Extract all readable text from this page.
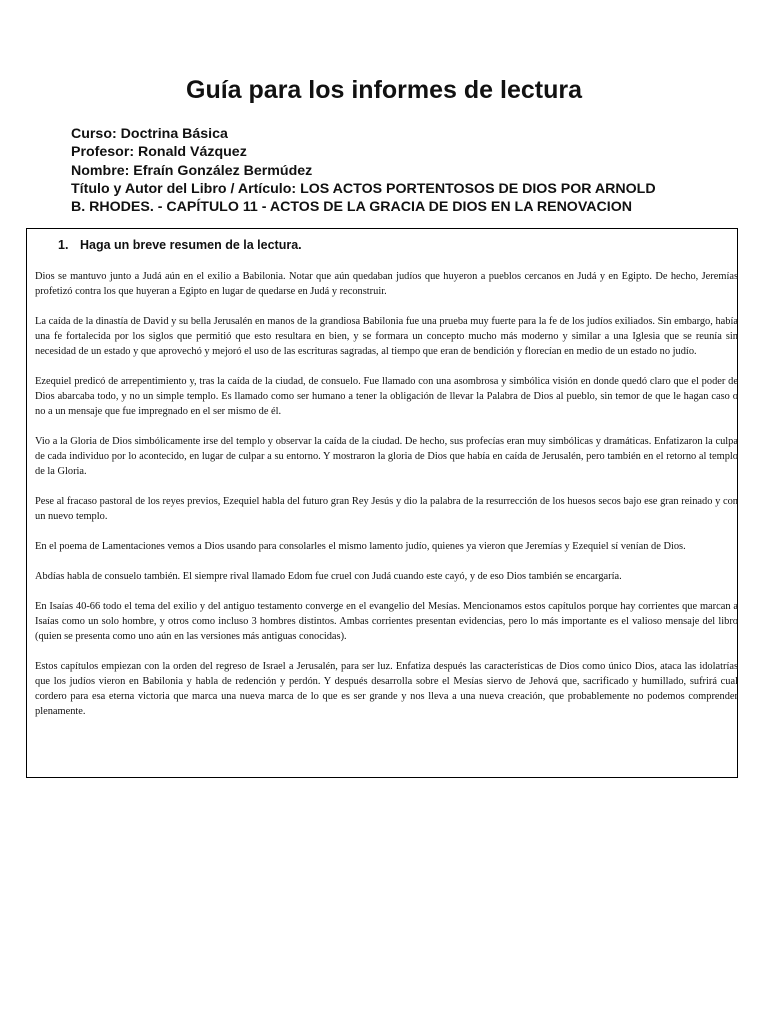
Guía para los informes de lectura
Curso: Doctrina Básica
Profesor: Ronald Vázquez
Nombre: Efraín González Bermúdez
Título y Autor del Libro / Artículo: LOS ACTOS PORTENTOSOS DE DIOS POR ARNOLD
B. RHODES. - CAPÍTULO 11 - ACTOS DE LA GRACIA DE DIOS EN LA RENOVACION
1. Haga un breve resumen de la lectura.

Dios se mantuvo junto a Judá aún en el exilio a Babilonia. Notar que aún quedaban judíos que huyeron a pueblos cercanos en Judá y en Egipto. De hecho, Jeremías profetizó contra los que huyeran a Egipto en lugar de quedarse en Judá y reconstruir.

La caída de la dinastía de David y su bella Jerusalén en manos de la grandiosa Babilonia fue una prueba muy fuerte para la fe de los judíos exiliados. Sin embargo, había una fe fortalecida por los siglos que permitió que esto resultara en bien, y se formara un concepto mucho más moderno y similar a una Iglesia que se reunía sin necesidad de un estado y que aprovechó y mejoró el uso de las escrituras sagradas, al tiempo que eran de bendición y florecían en medio de un estado no judío.

Ezequiel predicó de arrepentimiento y, tras la caída de la ciudad, de consuelo. Fue llamado con una asombrosa y simbólica visión en donde quedó claro que el poder de Dios abarcaba todo, y no un simple templo. Es llamado como ser humano a tener la obligación de llevar la Palabra de Dios al pueblo, sin temor de que le hagan caso o no a un mensaje que fue impregnado en el ser mismo de él.

Vio a la Gloria de Dios simbólicamente irse del templo y observar la caída de la ciudad. De hecho, sus profecías eran muy simbólicas y dramáticas. Enfatizaron la culpa de cada individuo por lo acontecido, en lugar de culpar a su entorno. Y mostraron la gloria de Dios que había en caída de Jerusalén, pero también en el retorno al templo de la Gloria.

Pese al fracaso pastoral de los reyes previos, Ezequiel habla del futuro gran Rey Jesús y dio la palabra de la resurrección de los huesos secos bajo ese gran reinado y con un nuevo templo.

En el poema de Lamentaciones vemos a Dios usando para consolarles el mismo lamento judío, quienes ya vieron que Jeremías y Ezequiel sí venían de Dios.

Abdías habla de consuelo también. El siempre rival llamado Edom fue cruel con Judá cuando este cayó, y de eso Dios también se encargaría.

En Isaías 40-66 todo el tema del exilio y del antiguo testamento converge en el evangelio del Mesías. Mencionamos estos capítulos porque hay corrientes que marcan a Isaías como un solo hombre, y otros como incluso 3 hombres distintos. Ambas corrientes presentan evidencias, pero lo más importante es el valioso mensaje del libro (quien se presenta como uno aún en las versiones más antiguas conocidas).

Estos capítulos empiezan con la orden del regreso de Israel a Jerusalén, para ser luz. Enfatiza después las características de Dios como único Dios, ataca las idolatrías que los judíos vieron en Babilonia y habla de redención y perdón. Y después desarrolla sobre el Mesías siervo de Jehová que, sacrificado y humillado, sufrirá cual cordero para esa eterna victoria que marca una nueva marca de lo que es ser grande y nos lleva a una nueva creación, que probablemente no podemos comprender plenamente.
